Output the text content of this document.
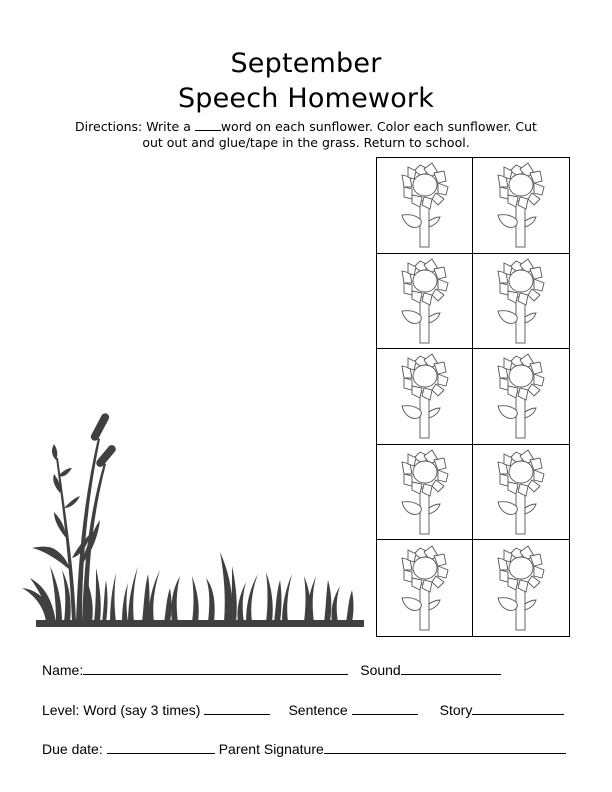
September
Speech Homework
Directions: Write a word on each sunflower. Color each sunflower. Cut
out out and glue/tape in the grass. Return to school.
Name:	Sound
Level: Word (say 3 times)	Sentence	Story
Due date:	Parent Signature
